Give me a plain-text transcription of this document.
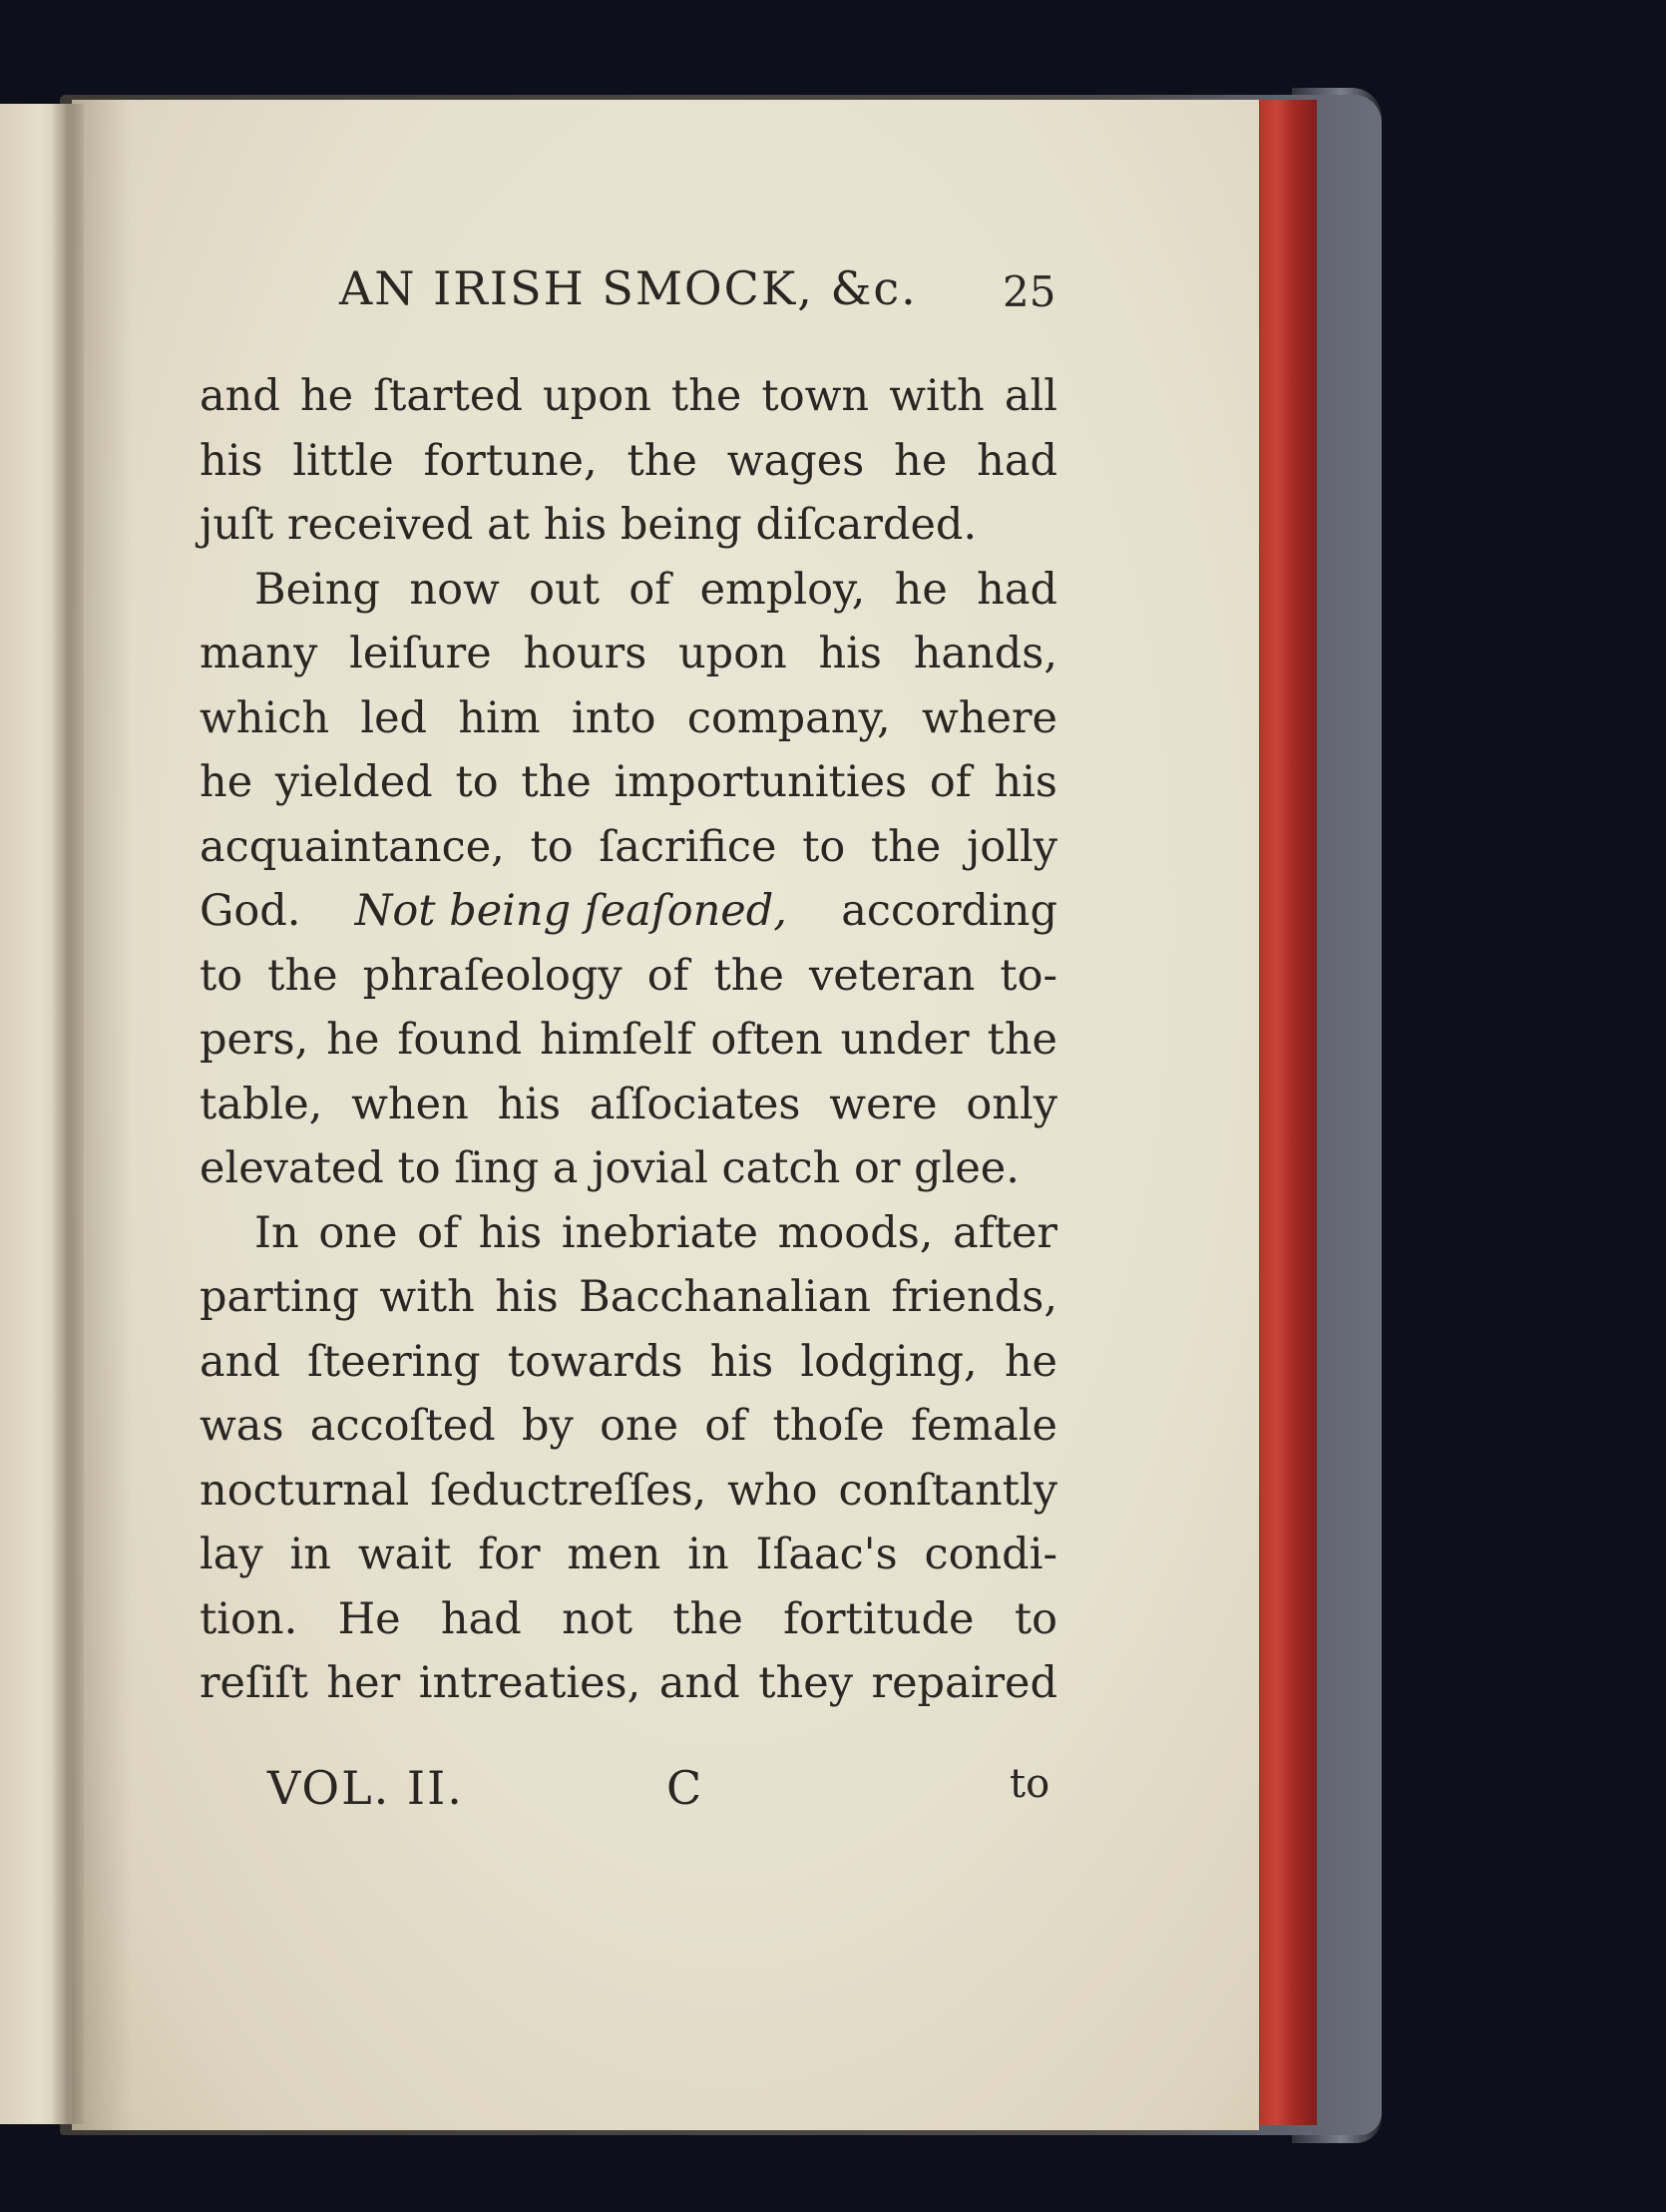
AN IRISH SMOCK, &c. 25
and he ſtarted upon the town with all
his little fortune, the wages he had
juſt received at his being diſcarded.
Being now out of employ, he had
many leiſure hours upon his hands,
which led him into company, where
he yielded to the importunities of his
acquaintance, to ſacrifice to the jolly
God. Not being ſeaſoned, according
to the phraſeology of the veteran to-
pers, he found himſelf often under the
table, when his aſſociates were only
elevated to ſing a jovial catch or glee.
In one of his inebriate moods, after
parting with his Bacchanalian friends,
and ſteering towards his lodging, he
was accoſted by one of thoſe female
nocturnal ſeductreſſes, who conſtantly
lay in wait for men in Iſaac's condi-
tion. He had not the fortitude to
reſiſt her intreaties, and they repaired
VOL. II.	C	to
